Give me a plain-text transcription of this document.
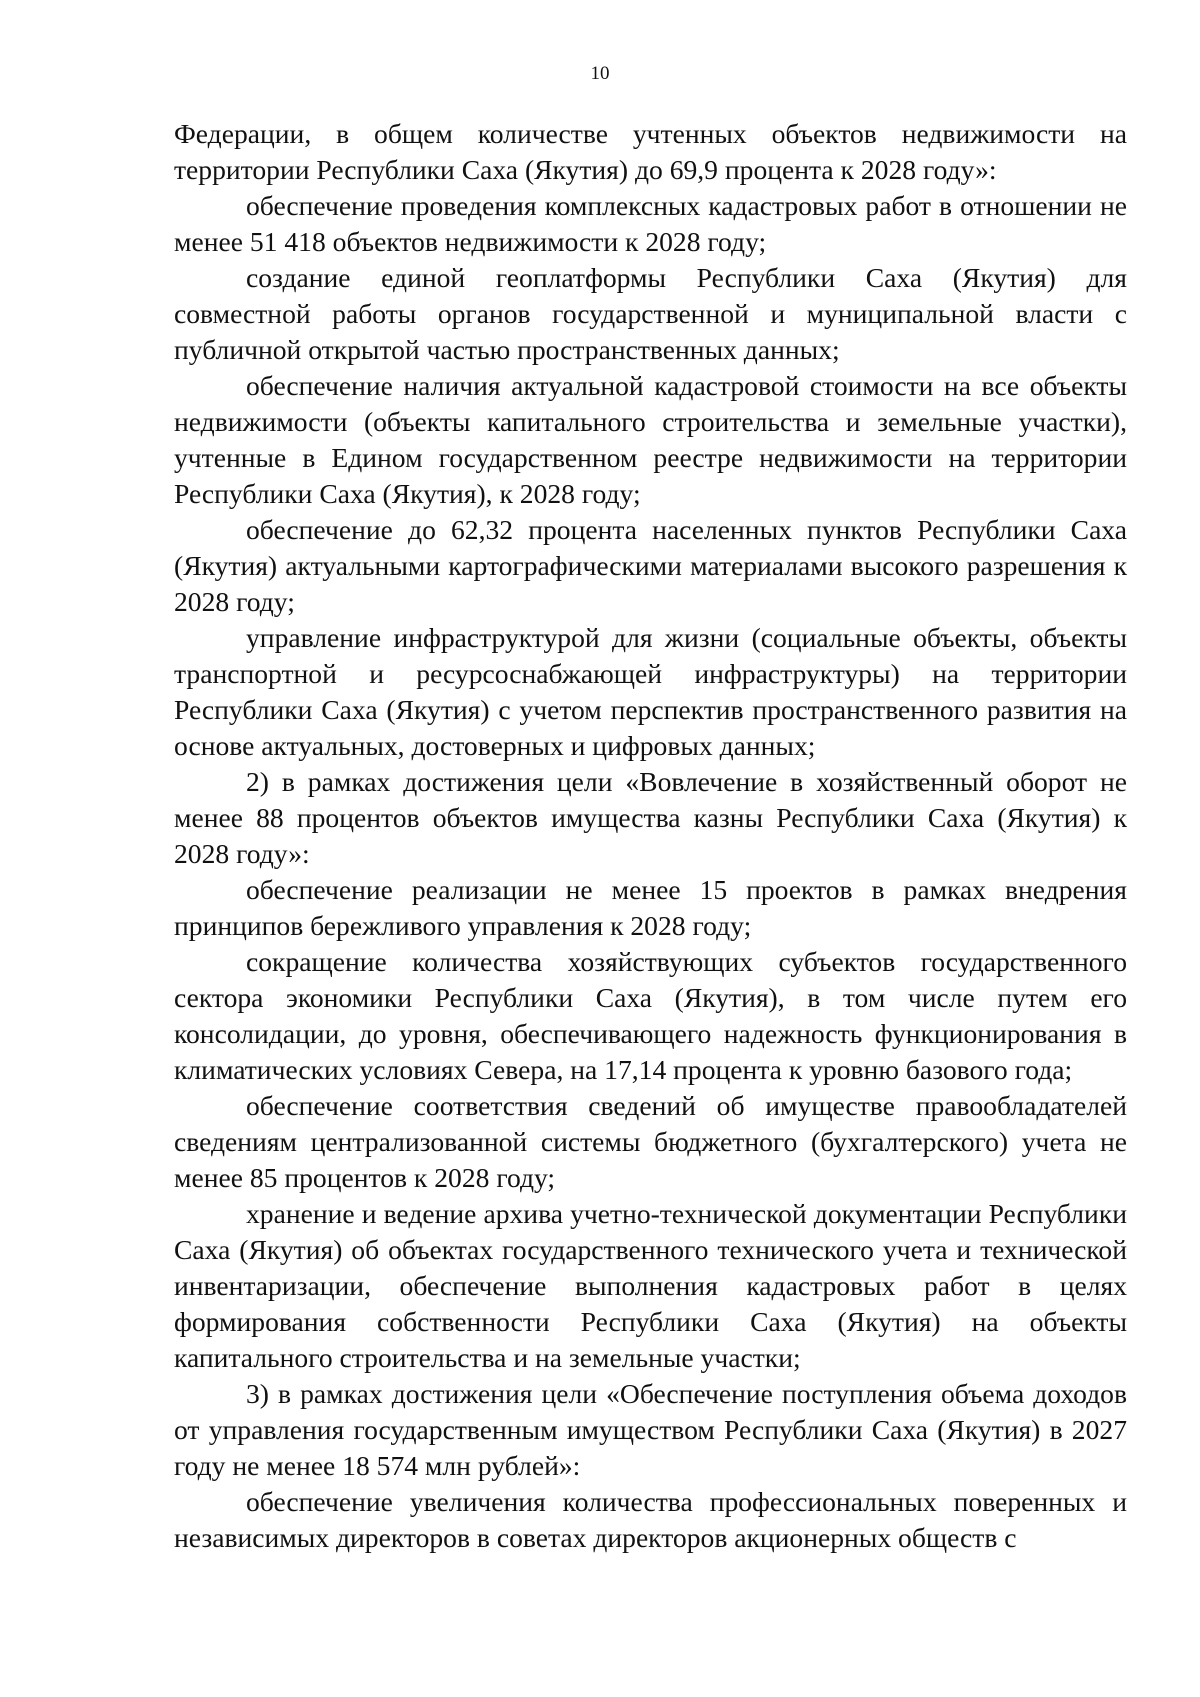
10

Федерации, в общем количестве учтенных объектов недвижимости на территории Республики Саха (Якутия) до 69,9 процента к 2028 году»:

обеспечение проведения комплексных кадастровых работ в отношении не менее 51 418 объектов недвижимости к 2028 году;

создание единой геоплатформы Республики Саха (Якутия) для совместной работы органов государственной и муниципальной власти с публичной открытой частью пространственных данных;

обеспечение наличия актуальной кадастровой стоимости на все объекты недвижимости (объекты капитального строительства и земельные участки), учтенные в Едином государственном реестре недвижимости на территории Республики Саха (Якутия), к 2028 году;

обеспечение до 62,32 процента населенных пунктов Республики Саха (Якутия) актуальными картографическими материалами высокого разрешения к 2028 году;

управление инфраструктурой для жизни (социальные объекты, объекты транспортной и ресурсоснабжающей инфраструктуры) на территории Республики Саха (Якутия) с учетом перспектив пространственного развития на основе актуальных, достоверных и цифровых данных;

2) в рамках достижения цели «Вовлечение в хозяйственный оборот не менее 88 процентов объектов имущества казны Республики Саха (Якутия) к 2028 году»:

обеспечение реализации не менее 15 проектов в рамках внедрения принципов бережливого управления к 2028 году;

сокращение количества хозяйствующих субъектов государственного сектора экономики Республики Саха (Якутия), в том числе путем его консолидации, до уровня, обеспечивающего надежность функционирования в климатических условиях Севера, на 17,14 процента к уровню базового года;

обеспечение соответствия сведений об имуществе правообладателей сведениям централизованной системы бюджетного (бухгалтерского) учета не менее 85 процентов к 2028 году;

хранение и ведение архива учетно-технической документации Республики Саха (Якутия) об объектах государственного технического учета и технической инвентаризации, обеспечение выполнения кадастровых работ в целях формирования собственности Республики Саха (Якутия) на объекты капитального строительства и на земельные участки;

3) в рамках достижения цели «Обеспечение поступления объема доходов от управления государственным имуществом Республики Саха (Якутия) в 2027 году не менее 18 574 млн рублей»:

обеспечение увеличения количества профессиональных поверенных и независимых директоров в советах директоров акционерных обществ с
